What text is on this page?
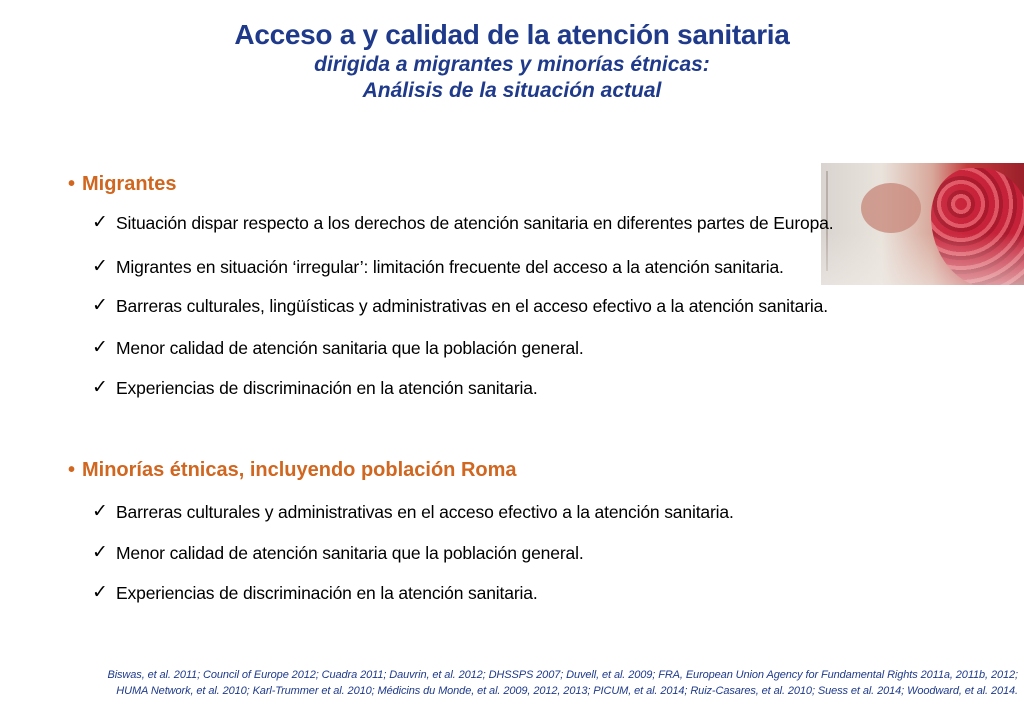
Acceso a y calidad de la atención sanitaria
dirigida a migrantes y minorías étnicas:
Análisis de la situación actual
• Migrantes
✓ Situación dispar respecto a los derechos de atención sanitaria en diferentes partes de Europa.
✓ Migrantes en situación ‘irregular’: limitación frecuente del acceso a la atención sanitaria.
✓ Barreras culturales, lingüísticas y administrativas en el acceso efectivo a la atención sanitaria.
✓ Menor calidad de atención sanitaria que la población general.
✓ Experiencias de discriminación en la atención sanitaria.
• Minorías étnicas, incluyendo población Roma
✓ Barreras culturales y administrativas en el acceso efectivo a la atención sanitaria.
✓ Menor calidad de atención sanitaria que la población general.
✓ Experiencias de discriminación en la atención sanitaria.
Biswas, et al. 2011; Council of Europe 2012; Cuadra 2011; Dauvrin, et al. 2012; DHSSPS 2007; Duvell, et al. 2009; FRA, European Union Agency for Fundamental Rights 2011a, 2011b, 2012;
HUMA Network, et al. 2010; Karl-Trummer et al. 2010; Médicins du Monde, et al. 2009, 2012, 2013; PICUM, et al. 2014; Ruiz-Casares, et al. 2010; Suess et al. 2014; Woodward, et al. 2014.
